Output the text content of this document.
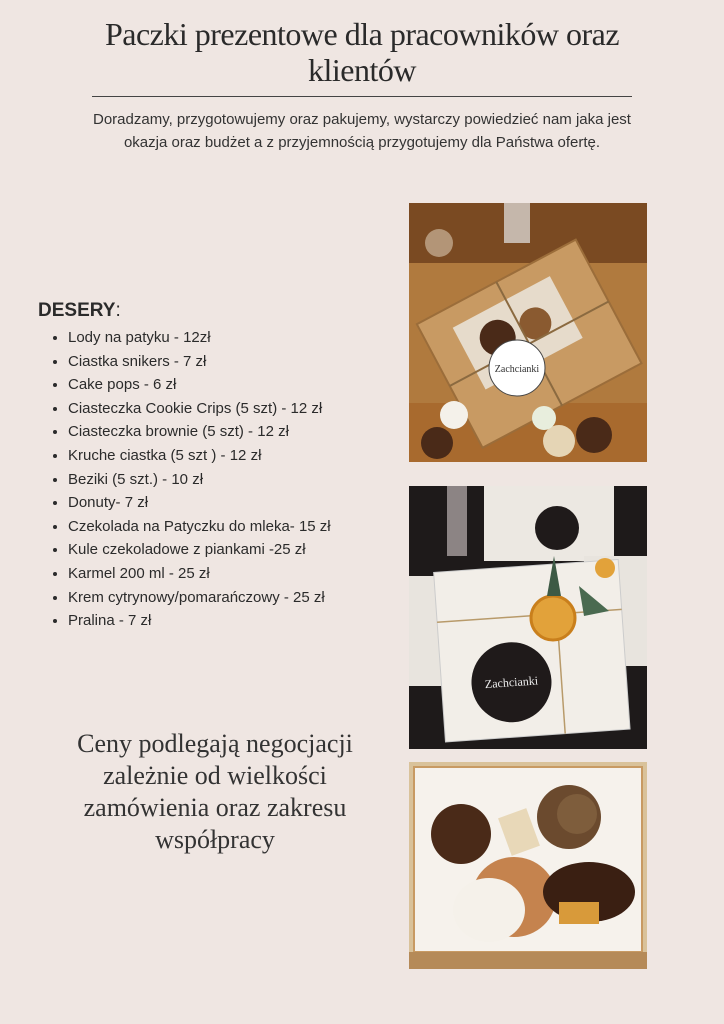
Paczki prezentowe dla pracowników oraz klientów

Doradzamy, przygotowujemy oraz pakujemy, wystarczy powiedzieć nam jaka jest okazja oraz budżet a z przyjemnością przygotujemy dla Państwa ofertę.

DESERY:
• Lody na patyku - 12zł
• Ciastka snikers - 7 zł
• Cake pops - 6 zł
• Ciasteczka Cookie Crips (5 szt) - 12 zł
• Ciasteczka brownie (5 szt) - 12 zł
• Kruche ciastka (5 szt ) - 12 zł
• Beziki (5 szt.) - 10 zł
• Donuty- 7 zł
• Czekolada na Patyczku do mleka- 15 zł
• Kule czekoladowe z piankami -25 zł
• Karmel 200 ml - 25 zł
• Krem cytrynowy/pomarańczowy - 25 zł
• Pralina - 7 zł

Ceny podlegają negocjacji zależnie od wielkości zamówienia oraz zakresu współpracy

Zachcianki
Zachcianki
